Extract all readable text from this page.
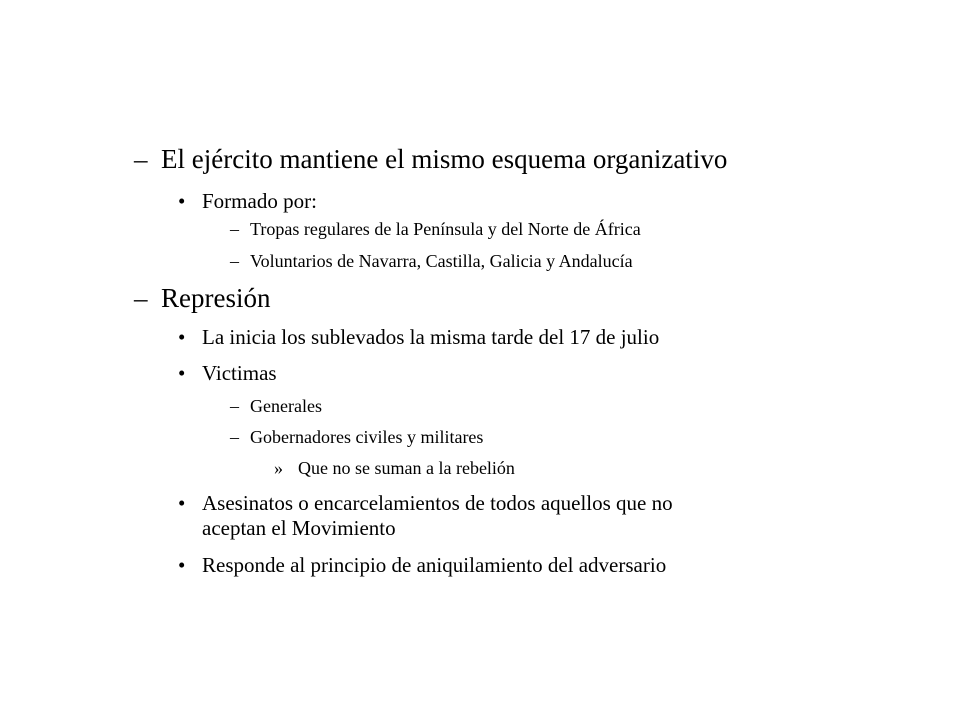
– El ejército mantiene el mismo esquema organizativo
• Formado por:
– Tropas regulares de la Península y del Norte de África
– Voluntarios de Navarra, Castilla, Galicia y Andalucía
– Represión
• La inicia los sublevados la misma tarde del 17 de julio
• Victimas
– Generales
– Gobernadores civiles y militares
» Que no se suman a la rebelión
• Asesinatos o encarcelamientos de todos aquellos que no
aceptan el Movimiento
• Responde al principio de aniquilamiento del adversario
